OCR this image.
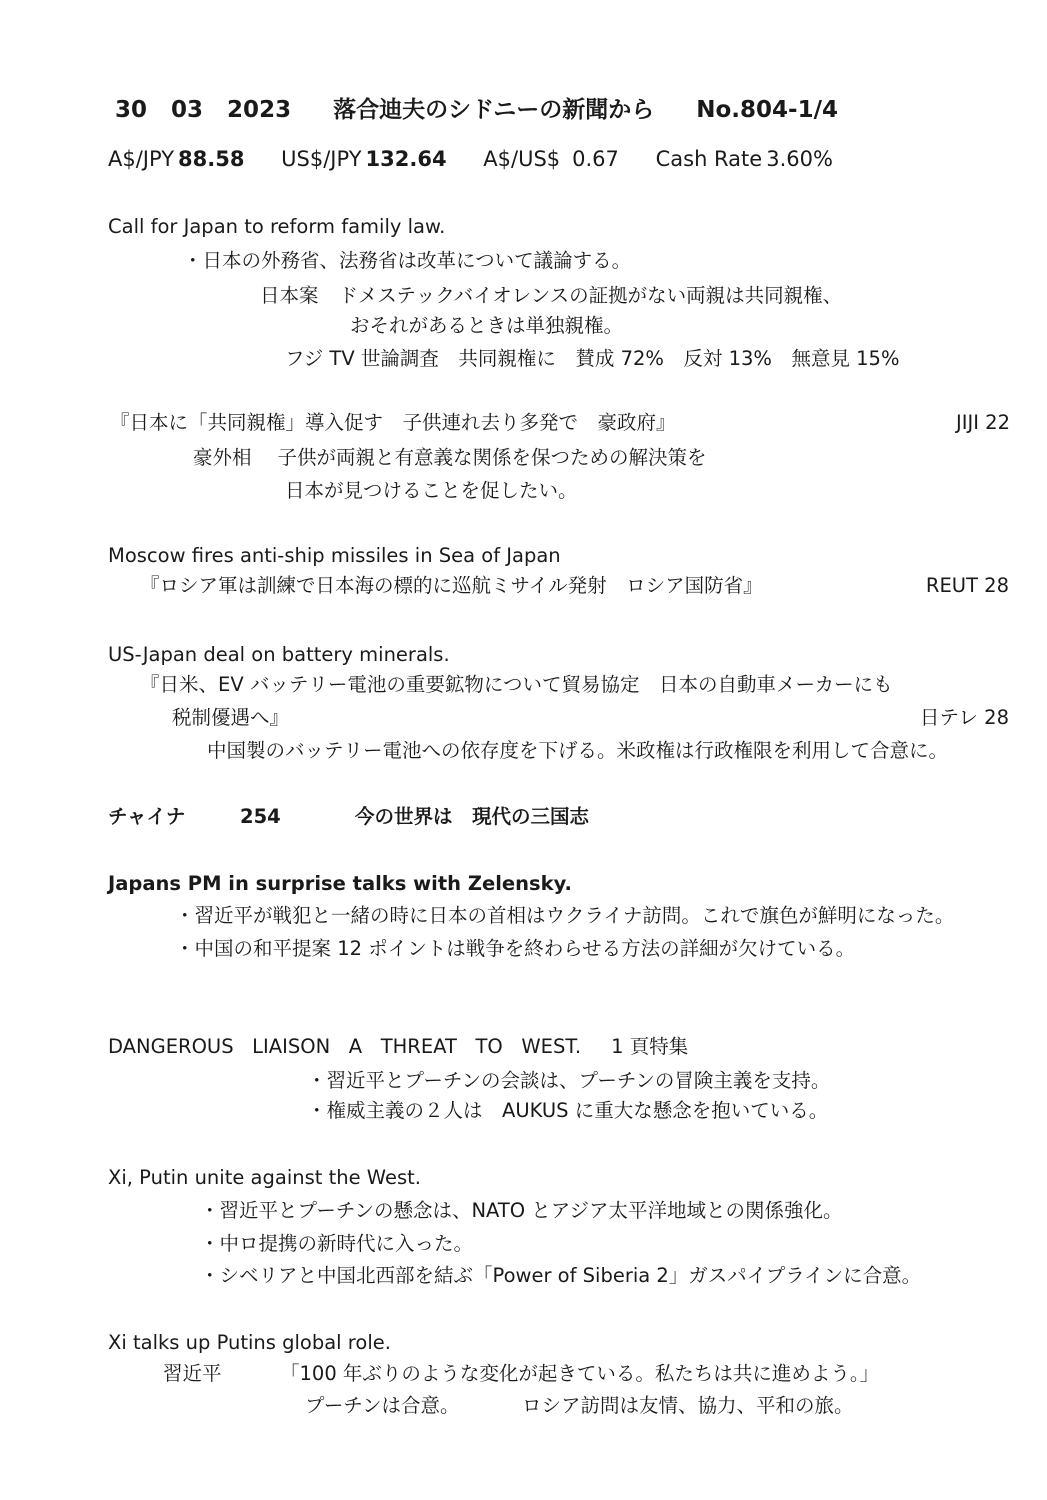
30   03   2023 落合迪夫のシドニーの新聞から No.804-1/4
A$/JPY 88.58 US$/JPY 132.64 A$/US$ 0.67 Cash Rate 3.60%
Call for Japan to reform family law.
・日本の外務省、法務省は改革について議論する。
日本案 ドメステックバイオレンスの証拠がない両親は共同親権、
おそれがあるときは単独親権。
フジ TV 世論調査　共同親権に　賛成 72%　反対 13%　無意見 15%
『日本に「共同親権」導入促す　子供連れ去り多発で　豪政府』	JIJI 22
豪外相 子供が両親と有意義な関係を保つための解決策を
日本が見つけることを促したい。
Moscow fires anti-ship missiles in Sea of Japan
『ロシア軍は訓練で日本海の標的に巡航ミサイル発射　ロシア国防省』	REUT 28
US-Japan deal on battery minerals.
『日米、EV バッテリー電池の重要鉱物について貿易協定　日本の自動車メーカーにも
税制優遇へ』	日テレ 28
中国製のバッテリー電池への依存度を下げる。米政権は行政権限を利用して合意に。
チャイナ	254	今の世界は　現代の三国志
Japans PM in surprise talks with Zelensky.
・習近平が戦犯と一緒の時に日本の首相はウクライナ訪問。これで旗色が鮮明になった。
・中国の和平提案 12 ポイントは戦争を終わらせる方法の詳細が欠けている。
DANGEROUS   LIAISON   A   THREAT   TO   WEST. 1 頁特集
・習近平とプーチンの会談は、プーチンの冒険主義を支持。
・権威主義の２人は　AUKUS に重大な懸念を抱いている。
Xi, Putin unite against the West.
・習近平とプーチンの懸念は、NATO とアジア太平洋地域との関係強化。
・中ロ提携の新時代に入った。
・シベリアと中国北西部を結ぶ「Power of Siberia 2」ガスパイプラインに合意。
Xi talks up Putins global role.
習近平	「100 年ぶりのような変化が起きている。私たちは共に進めよう。」
プーチンは合意。	ロシア訪問は友情、協力、平和の旅。
